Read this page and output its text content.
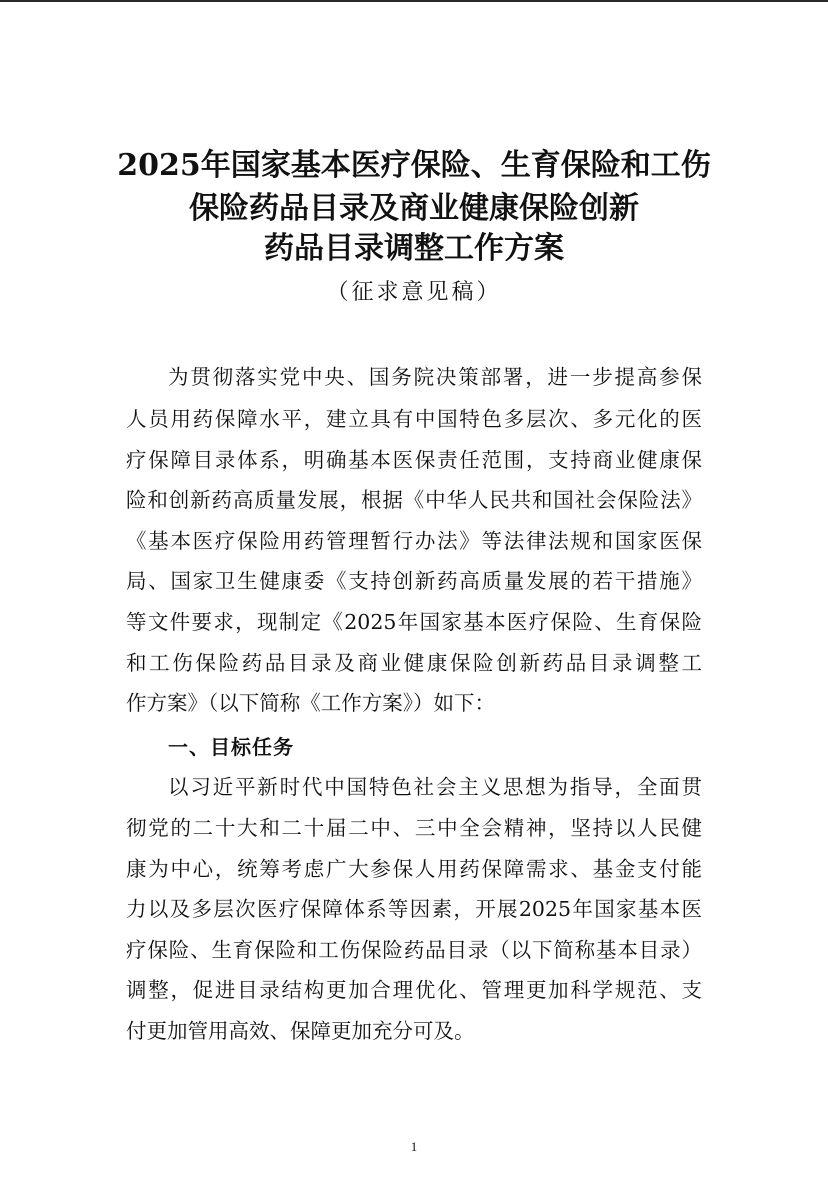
2025年国家基本医疗保险、生育保险和工伤
保险药品目录及商业健康保险创新
药品目录调整工作方案
（征求意见稿）
为贯彻落实党中央、国务院决策部署，进一步提高参保
人员用药保障水平，建立具有中国特色多层次、多元化的医
疗保障目录体系，明确基本医保责任范围，支持商业健康保
险和创新药高质量发展，根据《中华人民共和国社会保险法》
《基本医疗保险用药管理暂行办法》等法律法规和国家医保
局、国家卫生健康委《支持创新药高质量发展的若干措施》
等文件要求，现制定《2025年国家基本医疗保险、生育保险
和工伤保险药品目录及商业健康保险创新药品目录调整工
作方案》（以下简称《工作方案》）如下：
一、目标任务
以习近平新时代中国特色社会主义思想为指导，全面贯
彻党的二十大和二十届二中、三中全会精神，坚持以人民健
康为中心，统筹考虑广大参保人用药保障需求、基金支付能
力以及多层次医疗保障体系等因素，开展2025年国家基本医
疗保险、生育保险和工伤保险药品目录（以下简称基本目录）
调整，促进目录结构更加合理优化、管理更加科学规范、支
付更加管用高效、保障更加充分可及。
1
